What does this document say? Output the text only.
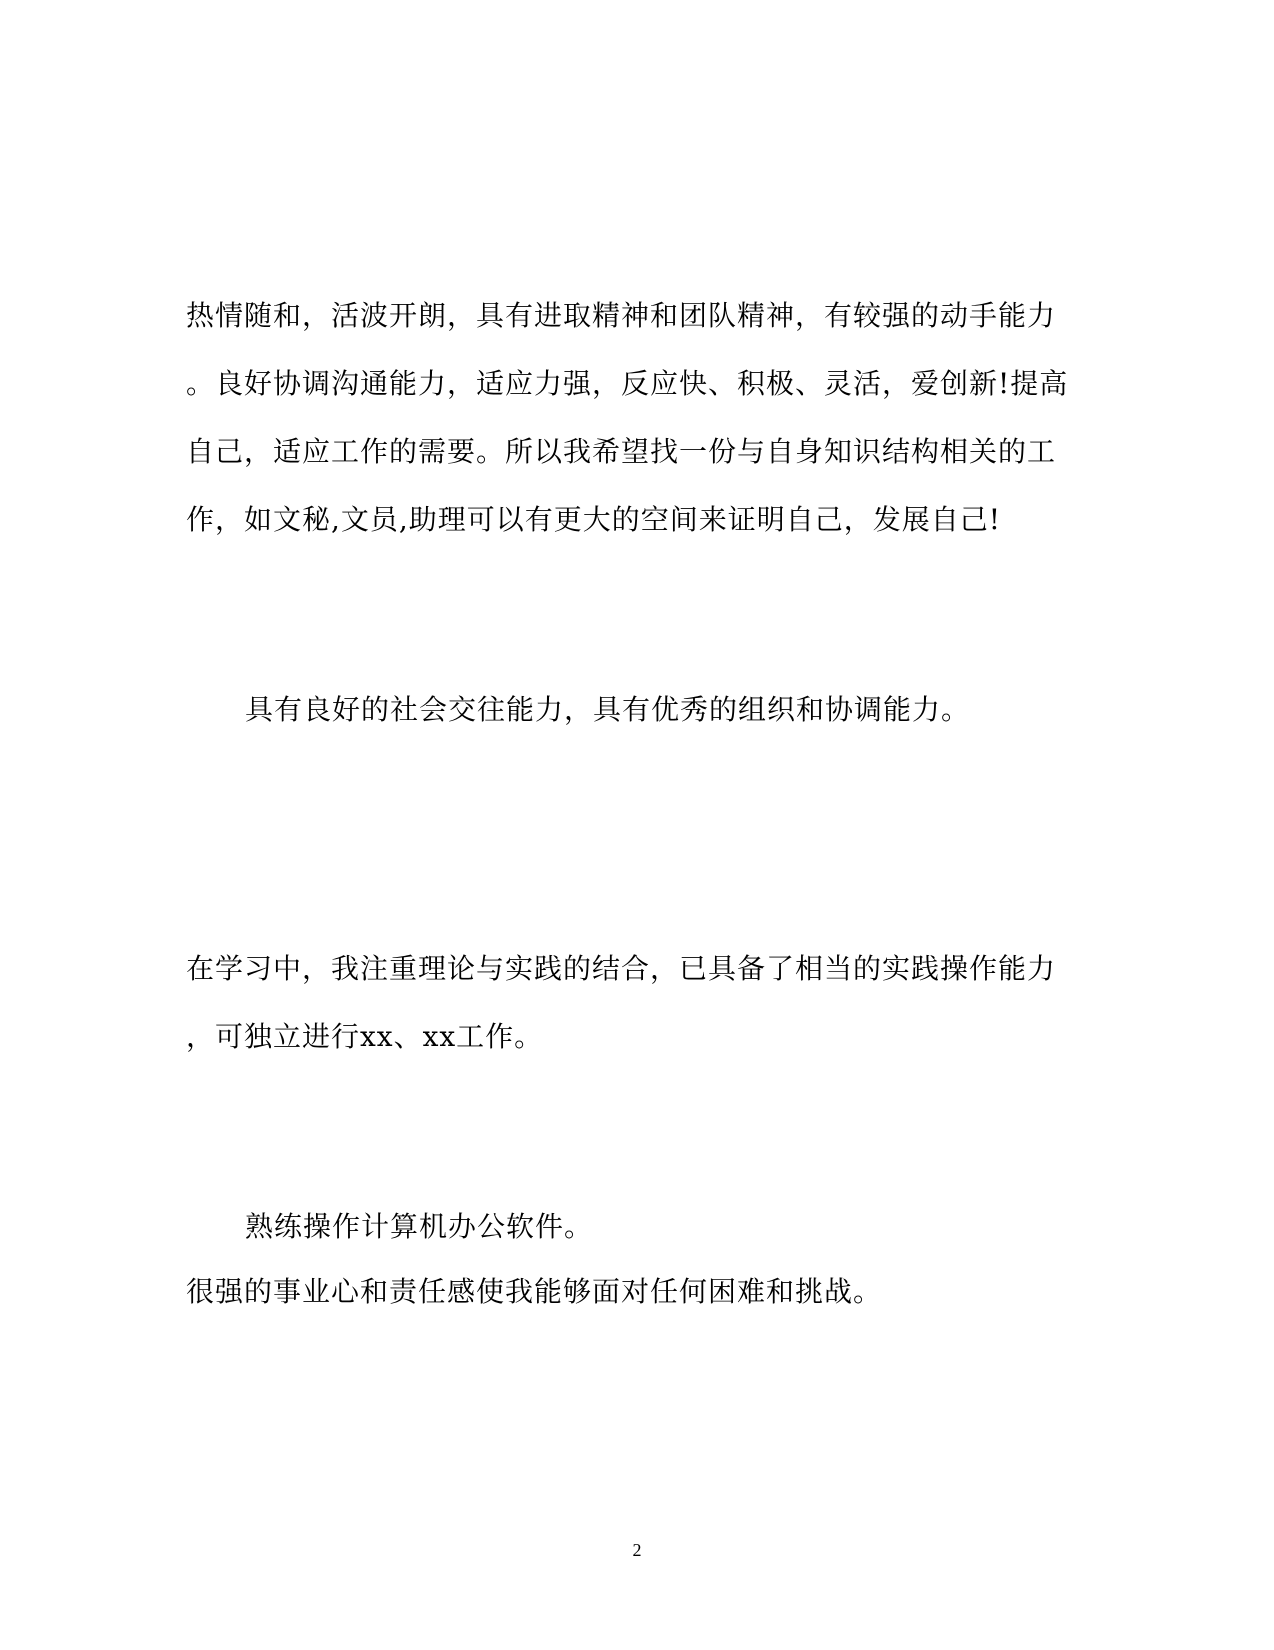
热情随和，活波开朗，具有进取精神和团队精神，有较强的动手能力
。良好协调沟通能力，适应力强，反应快、积极、灵活，爱创新!提高
自己，适应工作的需要。所以我希望找一份与自身知识结构相关的工
作，如文秘,文员,助理可以有更大的空间来证明自己，发展自己!
具有良好的社会交往能力，具有优秀的组织和协调能力。
在学习中，我注重理论与实践的结合，已具备了相当的实践操作能力
，可独立进行xx、xx工作。
熟练操作计算机办公软件。
很强的事业心和责任感使我能够面对任何困难和挑战。
2
